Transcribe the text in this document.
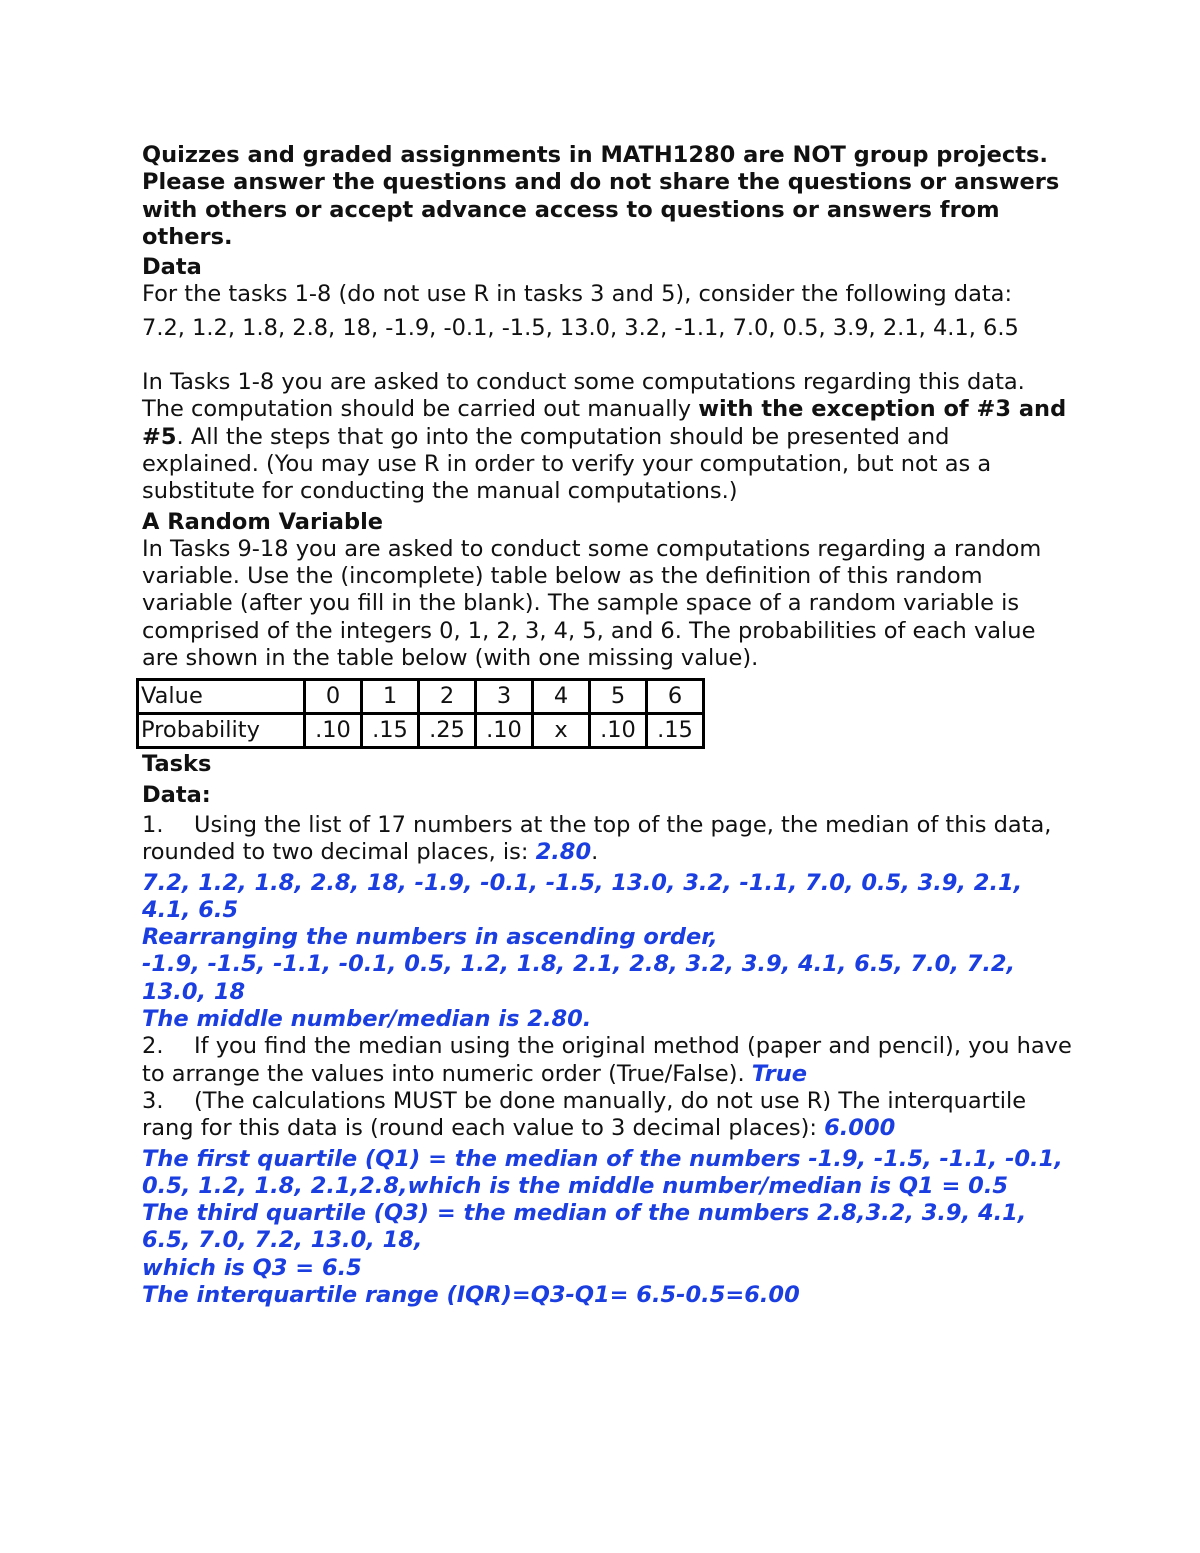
Quizzes and graded assignments in MATH1280 are NOT group projects. Please answer the questions and do not share the questions or answers with others or accept advance access to questions or answers from others.

Data

For the tasks 1-8 (do not use R in tasks 3 and 5), consider the following data:

7.2, 1.2, 1.8, 2.8, 18, -1.9, -0.1, -1.5, 13.0, 3.2, -1.1, 7.0, 0.5, 3.9, 2.1, 4.1, 6.5

In Tasks 1-8 you are asked to conduct some computations regarding this data. The computation should be carried out manually with the exception of #3 and #5. All the steps that go into the computation should be presented and explained. (You may use R in order to verify your computation, but not as a substitute for conducting the manual computations.)

A Random Variable

In Tasks 9-18 you are asked to conduct some computations regarding a random variable. Use the (incomplete) table below as the definition of this random variable (after you fill in the blank). The sample space of a random variable is comprised of the integers 0, 1, 2, 3, 4, 5, and 6. The probabilities of each value are shown in the table below (with one missing value).

Value	0	1	2	3	4	5	6
Probability	.10	.15	.25	.10	x	.10	.15

Tasks

Data:

1. Using the list of 17 numbers at the top of the page, the median of this data, rounded to two decimal places, is: 2.80.

7.2, 1.2, 1.8, 2.8, 18, -1.9, -0.1, -1.5, 13.0, 3.2, -1.1, 7.0, 0.5, 3.9, 2.1, 4.1, 6.5

Rearranging the numbers in ascending order,

-1.9, -1.5, -1.1, -0.1, 0.5, 1.2, 1.8, 2.1, 2.8, 3.2, 3.9, 4.1, 6.5, 7.0, 7.2, 13.0, 18

The middle number/median is 2.80.

2. If you find the median using the original method (paper and pencil), you have to arrange the values into numeric order (True/False). True

3. (The calculations MUST be done manually, do not use R) The interquartile rang for this data is (round each value to 3 decimal places): 6.000

The first quartile (Q1) = the median of the numbers -1.9, -1.5, -1.1, -0.1, 0.5, 1.2, 1.8, 2.1,2.8,which is the middle number/median is Q1 = 0.5

The third quartile (Q3) = the median of the numbers 2.8,3.2, 3.9, 4.1, 6.5, 7.0, 7.2, 13.0, 18,

which is Q3 = 6.5

The interquartile range (IQR)=Q3-Q1= 6.5-0.5=6.00
